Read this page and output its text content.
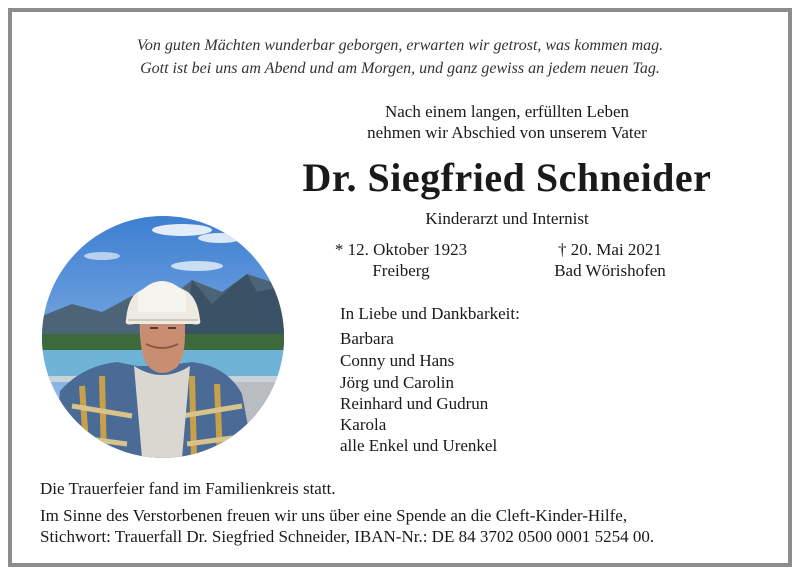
Von guten Mächten wunderbar geborgen, erwarten wir getrost, was kommen mag.
Gott ist bei uns am Abend und am Morgen, und ganz gewiss an jedem neuen Tag.
Nach einem langen, erfüllten Leben
nehmen wir Abschied von unserem Vater
Dr. Siegfried Schneider
Kinderarzt und Internist
* 12. Oktober 1923
Freiberg
† 20. Mai 2021
Bad Wörishofen
In Liebe und Dankbarkeit:
Barbara
Conny und Hans
Jörg und Carolin
Reinhard und Gudrun
Karola
alle Enkel und Urenkel
Die Trauerfeier fand im Familienkreis statt.
Im Sinne des Verstorbenen freuen wir uns über eine Spende an die Cleft-Kinder-Hilfe,
Stichwort: Trauerfall Dr. Siegfried Schneider, IBAN-Nr.: DE 84 3702 0500 0001 5254 00.
